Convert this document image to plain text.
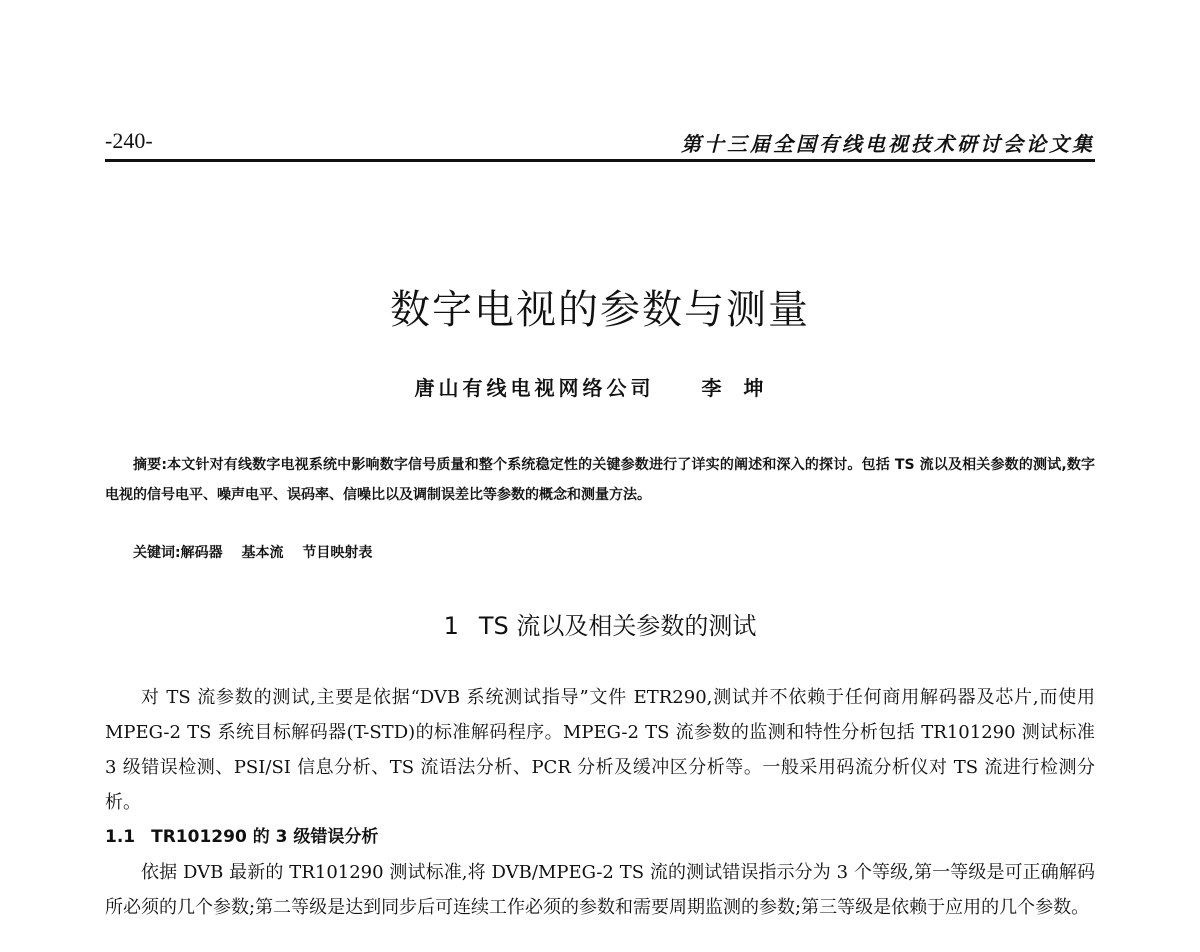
-240-	第十三届全国有线电视技术研讨会论文集
数字电视的参数与测量
唐山有线电视网络公司 李坤
摘要:本文针对有线数字电视系统中影响数字信号质量和整个系统稳定性的关键参数进行了详实的阐述和深入的探讨。包括 TS 流以及相关参数的测试,数字电视的信号电平、噪声电平、误码率、信噪比以及调制误差比等参数的概念和测量方法。
关键词:解码器 基本流 节目映射表
1 TS 流以及相关参数的测试
对 TS 流参数的测试,主要是依据“DVB 系统测试指导”文件 ETR290,测试并不依赖于任何商用解码器及芯片,而使用 MPEG-2 TS 系统目标解码器(T-STD)的标准解码程序。MPEG-2 TS 流参数的监测和特性分析包括 TR101290 测试标准 3 级错误检测、PSI/SI 信息分析、TS 流语法分析、PCR 分析及缓冲区分析等。一般采用码流分析仪对 TS 流进行检测分析。
1.1 TR101290 的 3 级错误分析
依据 DVB 最新的 TR101290 测试标准,将 DVB/MPEG-2 TS 流的测试错误指示分为 3 个等级,第一等级是可正确解码所必须的几个参数;第二等级是达到同步后可连续工作必须的参数和需要周期监测的参数;第三等级是依赖于应用的几个参数。
